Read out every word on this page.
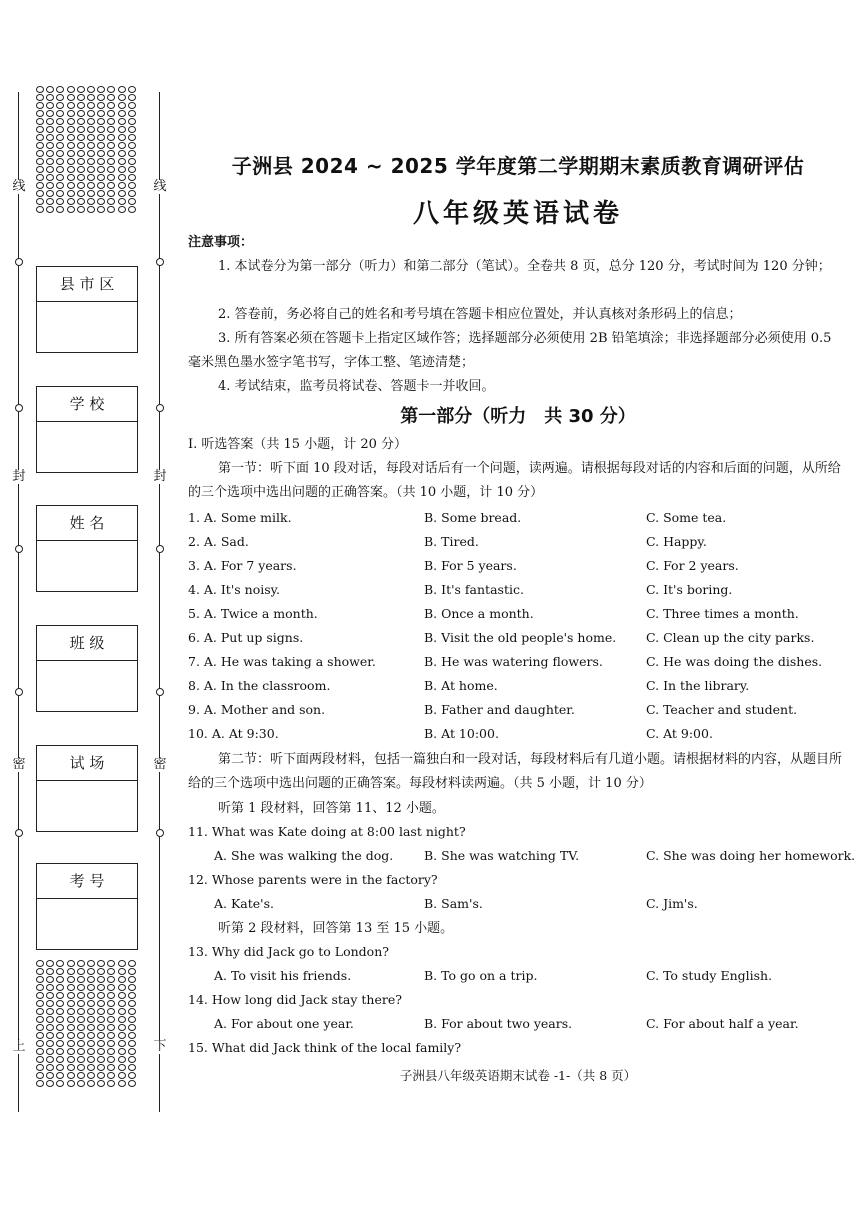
线
封
密
上
线
封
密
下
县 市 区
学 校
姓 名
班 级
试 场
考 号
子洲县 2024 ~ 2025 学年度第二学期期末素质教育调研评估
八年级英语试卷
注意事项：
1. 本试卷分为第一部分（听力）和第二部分（笔试）。全卷共 8 页，总分 120 分，考试时间为 120 分钟；
2. 答卷前，务必将自己的姓名和考号填在答题卡相应位置处，并认真核对条形码上的信息；
3. 所有答案必须在答题卡上指定区域作答；选择题部分必须使用 2B 铅笔填涂；非选择题部分必须使用 0.5 毫米黑色墨水签字笔书写，字体工整、笔迹清楚；
4. 考试结束，监考员将试卷、答题卡一并收回。
第一部分（听力　共 30 分）
Ⅰ. 听选答案（共 15 小题，计 20 分）
第一节：听下面 10 段对话，每段对话后有一个问题，读两遍。请根据每段对话的内容和后面的问题，从所给的三个选项中选出问题的正确答案。（共 10 小题，计 10 分）
1. A. Some milk.	B. Some bread.	C. Some tea.
2. A. Sad.	B. Tired.	C. Happy.
3. A. For 7 years.	B. For 5 years.	C. For 2 years.
4. A. It's noisy.	B. It's fantastic.	C. It's boring.
5. A. Twice a month.	B. Once a month.	C. Three times a month.
6. A. Put up signs.	B. Visit the old people's home. C. Clean up the city parks.
7. A. He was taking a shower.	B. He was watering flowers.	C. He was doing the dishes.
8. A. In the classroom.	B. At home.	C. In the library.
9. A. Mother and son.	B. Father and daughter.	C. Teacher and student.
10. A. At 9:30.	B. At 10:00.	C. At 9:00.
第二节：听下面两段材料，包括一篇独白和一段对话，每段材料后有几道小题。请根据材料的内容，从题目所给的三个选项中选出问题的正确答案。每段材料读两遍。（共 5 小题，计 10 分）
听第 1 段材料，回答第 11、12 小题。
11. What was Kate doing at 8:00 last night?
A. She was walking the dog. B. She was watching TV.	C. She was doing her homework.
12. Whose parents were in the factory?
A. Kate's.	B. Sam's.	C. Jim's.
听第 2 段材料，回答第 13 至 15 小题。
13. Why did Jack go to London?
A. To visit his friends.	B. To go on a trip.	C. To study English.
14. How long did Jack stay there?
A. For about one year.	B. For about two years.	C. For about half a year.
15. What did Jack think of the local family?
子洲县八年级英语期末试卷 -1-（共 8 页）
